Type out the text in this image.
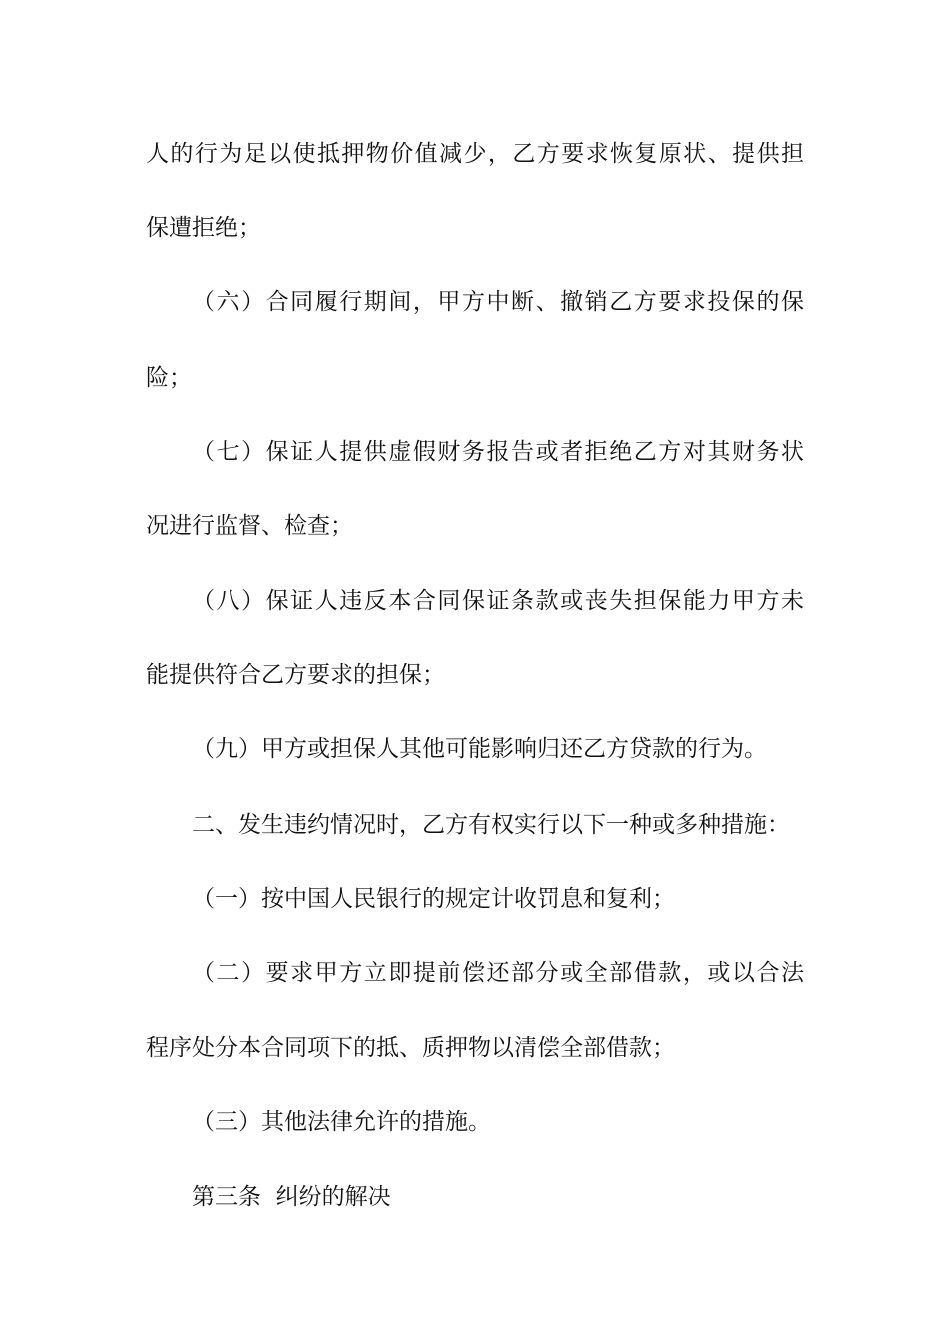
人的行为足以使抵押物价值减少，乙方要求恢复原状、提供担
保遭拒绝；
（六）合同履行期间，甲方中断、撤销乙方要求投保的保
险；
（七）保证人提供虚假财务报告或者拒绝乙方对其财务状
况进行监督、检查；
（八）保证人违反本合同保证条款或丧失担保能力甲方未
能提供符合乙方要求的担保；
（九）甲方或担保人其他可能影响归还乙方贷款的行为。
二、发生违约情况时，乙方有权实行以下一种或多种措施：
（一）按中国人民银行的规定计收罚息和复利；
（二）要求甲方立即提前偿还部分或全部借款，或以合法
程序处分本合同项下的抵、质押物以清偿全部借款；
（三）其他法律允许的措施。
第三条  纠纷的解决
